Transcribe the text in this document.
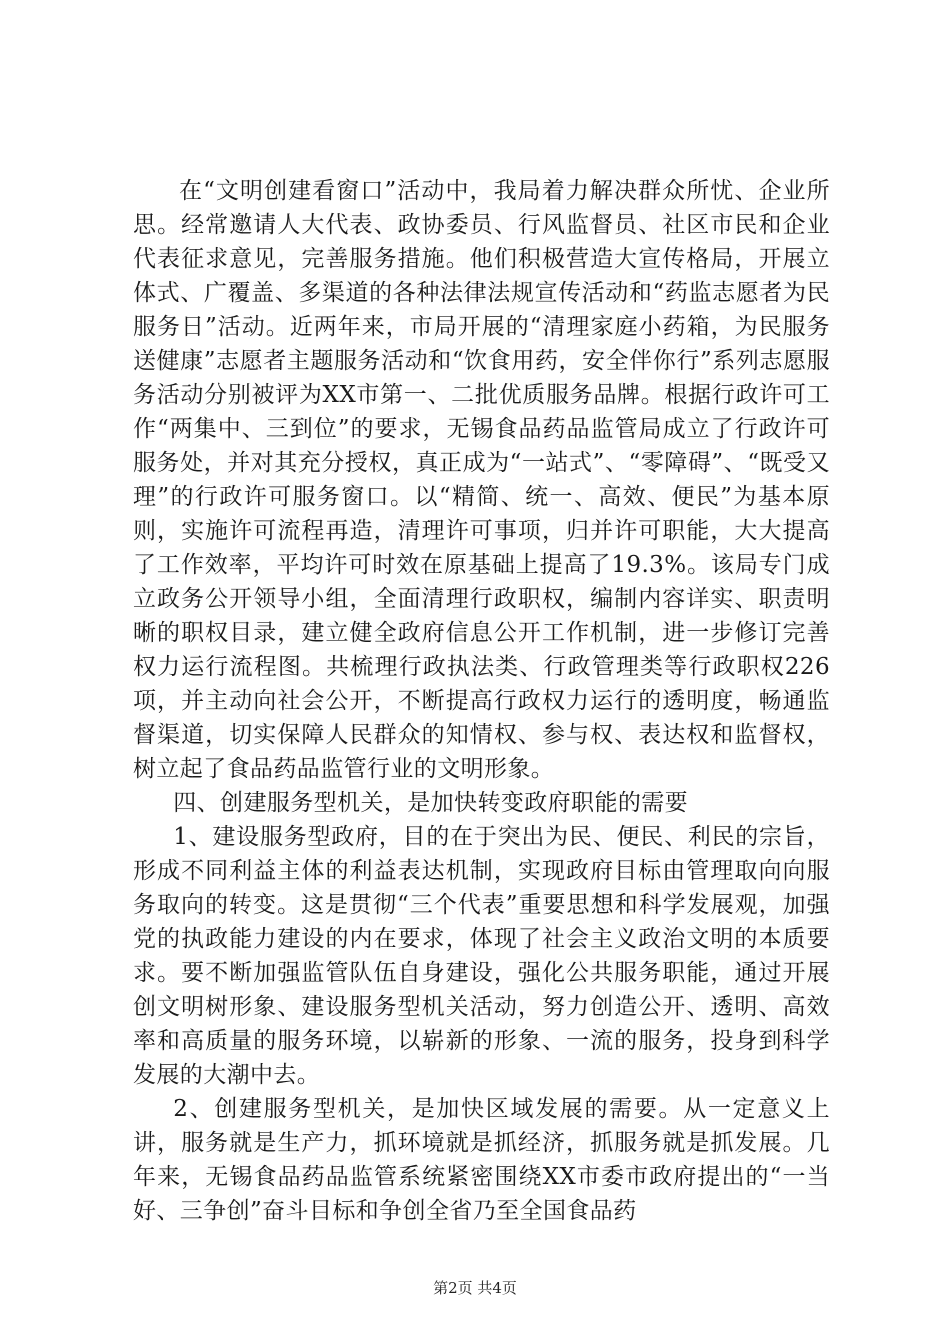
在“文明创建看窗口”活动中，我局着力解决群众所忧、企业所思。经常邀请人大代表、政协委员、行风监督员、社区市民和企业代表征求意见，完善服务措施。他们积极营造大宣传格局，开展立体式、广覆盖、多渠道的各种法律法规宣传活动和“药监志愿者为民服务日”活动。近两年来，市局开展的“清理家庭小药箱，为民服务送健康”志愿者主题服务活动和“饮食用药，安全伴你行”系列志愿服务活动分别被评为XX市第一、二批优质服务品牌。根据行政许可工作“两集中、三到位”的要求，无锡食品药品监管局成立了行政许可服务处，并对其充分授权，真正成为“一站式”、“零障碍”、“既受又理”的行政许可服务窗口。以“精简、统一、高效、便民”为基本原则，实施许可流程再造，清理许可事项，归并许可职能，大大提高了工作效率，平均许可时效在原基础上提高了19.3%。该局专门成立政务公开领导小组，全面清理行政职权，编制内容详实、职责明晰的职权目录，建立健全政府信息公开工作机制，进一步修订完善权力运行流程图。共梳理行政执法类、行政管理类等行政职权226项，并主动向社会公开，不断提高行政权力运行的透明度，畅通监督渠道，切实保障人民群众的知情权、参与权、表达权和监督权，树立起了食品药品监管行业的文明形象。

四、创建服务型机关，是加快转变政府职能的需要

1、建设服务型政府，目的在于突出为民、便民、利民的宗旨，形成不同利益主体的利益表达机制，实现政府目标由管理取向向服务取向的转变。这是贯彻“三个代表”重要思想和科学发展观，加强党的执政能力建设的内在要求，体现了社会主义政治文明的本质要求。要不断加强监管队伍自身建设，强化公共服务职能，通过开展创文明树形象、建设服务型机关活动，努力创造公开、透明、高效率和高质量的服务环境，以崭新的形象、一流的服务，投身到科学发展的大潮中去。

2、创建服务型机关，是加快区域发展的需要。从一定意义上讲，服务就是生产力，抓环境就是抓经济，抓服务就是抓发展。几年来，无锡食品药品监管系统紧密围绕XX市委市政府提出的“一当好、三争创”奋斗目标和争创全省乃至全国食品药

第2页 共4页
